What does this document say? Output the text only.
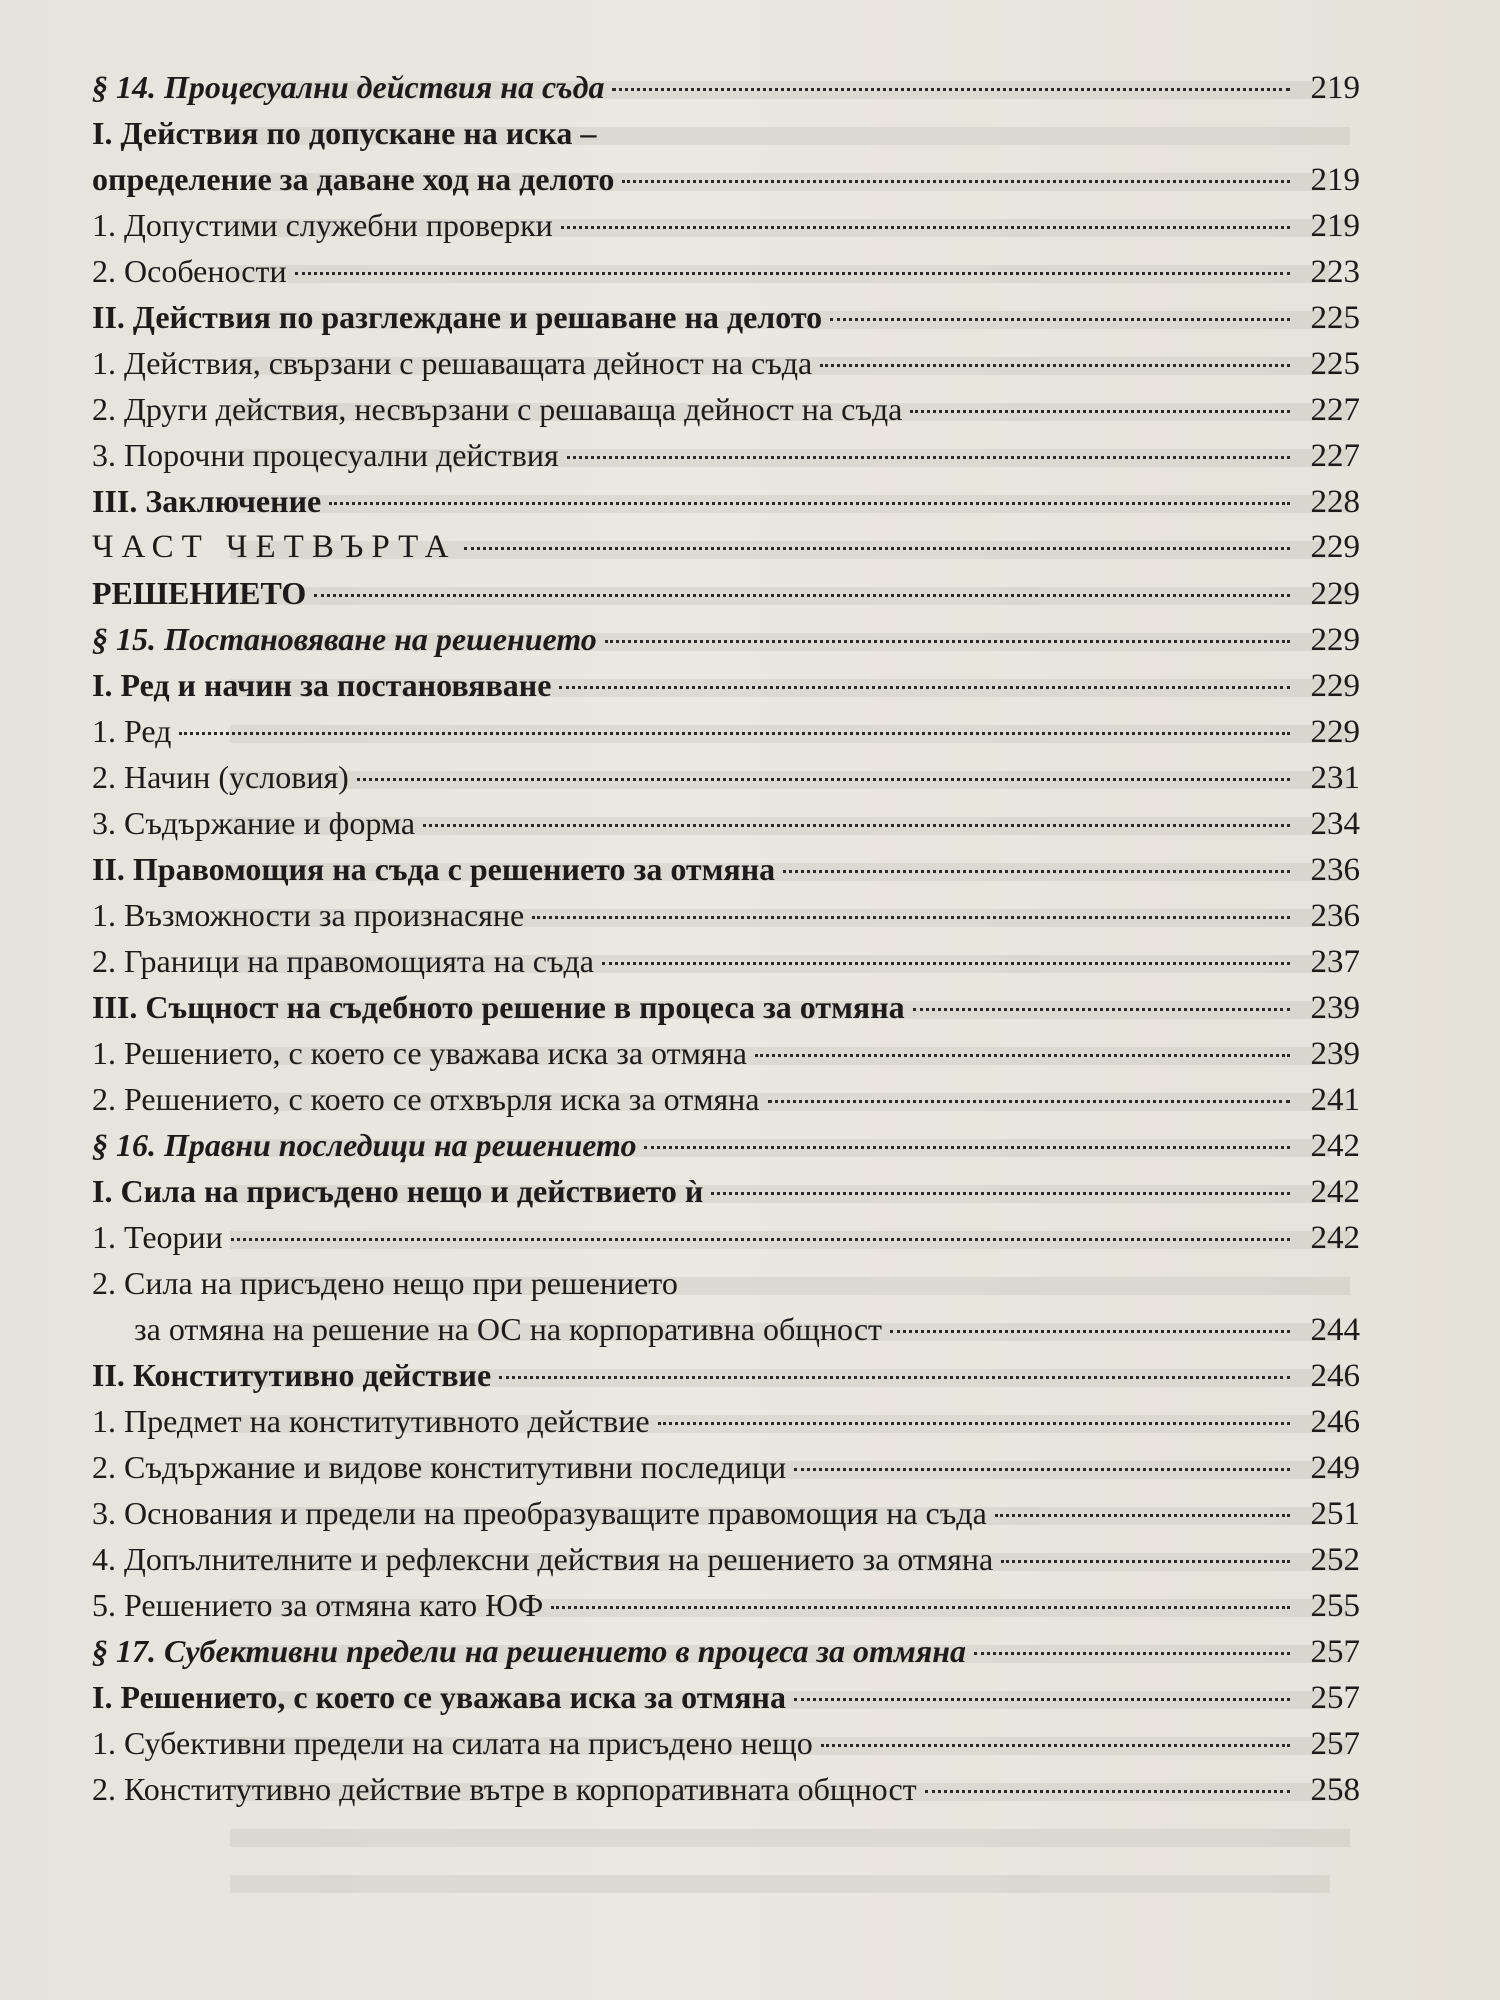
§ 14. Процесуални действия на съда	219
I. Действия по допускане на иска –
определение за даване ход на делото	219
1. Допустими служебни проверки	219
2. Особености	223
II. Действия по разглеждане и решаване на делото	225
1. Действия, свързани с решаващата дейност на съда	225
2. Други действия, несвързани с решаваща дейност на съда	227
3. Порочни процесуални действия	227
III. Заключение	228
ЧАСТ ЧЕТВЪРТА	229
РЕШЕНИЕТО	229
§ 15. Постановяване на решението	229
I. Ред и начин за постановяване	229
1. Ред	229
2. Начин (условия)	231
3. Съдържание и форма	234
II. Правомощия на съда с решението за отмяна	236
1. Възможности за произнасяне	236
2. Граници на правомощията на съда	237
III. Същност на съдебното решение в процеса за отмяна	239
1. Решението, с което се уважава иска за отмяна	239
2. Решението, с което се отхвърля иска за отмяна	241
§ 16. Правни последици на решението	242
I. Сила на присъдено нещо и действието ѝ	242
1. Теории	242
2. Сила на присъдено нещо при решението
за отмяна на решение на ОС на корпоративна общност	244
II. Конститутивно действие	246
1. Предмет на конститутивното действие	246
2. Съдържание и видове конститутивни последици	249
3. Основания и предели на преобразуващите правомощия на съда	251
4. Допълнителните и рефлексни действия на решението за отмяна	252
5. Решението за отмяна като ЮФ	255
§ 17. Субективни предели на решението в процеса за отмяна	257
I. Решението, с което се уважава иска за отмяна	257
1. Субективни предели на силата на присъдено нещо	257
2. Конститутивно действие вътре в корпоративната общност	258
